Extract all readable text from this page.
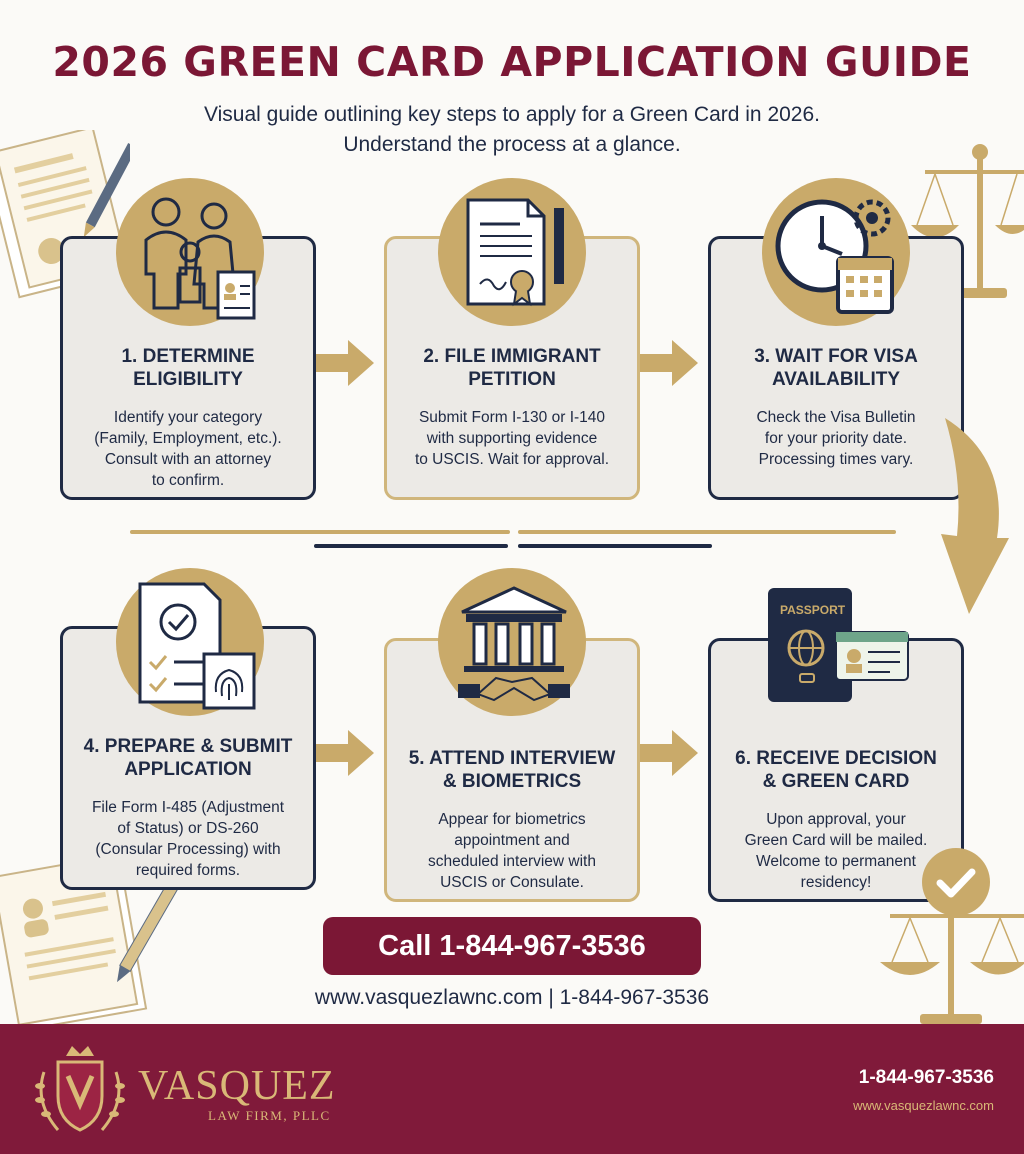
2026 GREEN CARD APPLICATION GUIDE
Visual guide outlining key steps to apply for a Green Card in 2026.
Understand the process at a glance.
1. DETERMINE
ELIGIBILITY
Identify your category
(Family, Employment, etc.).
Consult with an attorney
to confirm.
2. FILE IMMIGRANT
PETITION
Submit Form I-130 or I-140
with supporting evidence
to USCIS. Wait for approval.
3. WAIT FOR VISA
AVAILABILITY
Check the Visa Bulletin
for your priority date.
Processing times vary.
4. PREPARE & SUBMIT
APPLICATION
File Form I-485 (Adjustment
of Status) or DS-260
(Consular Processing) with
required forms.
5. ATTEND INTERVIEW
& BIOMETRICS
Appear for biometrics
appointment and
scheduled interview with
USCIS or Consulate.
6. RECEIVE DECISION
& GREEN CARD
Upon approval, your
Green Card will be mailed.
Welcome to permanent
residency!
PASSPORT
Call 1-844-967-3536
www.vasquezlawnc.com | 1-844-967-3536
VASQUEZ
LAW FIRM, PLLC
1-844-967-3536
www.vasquezlawnc.com
